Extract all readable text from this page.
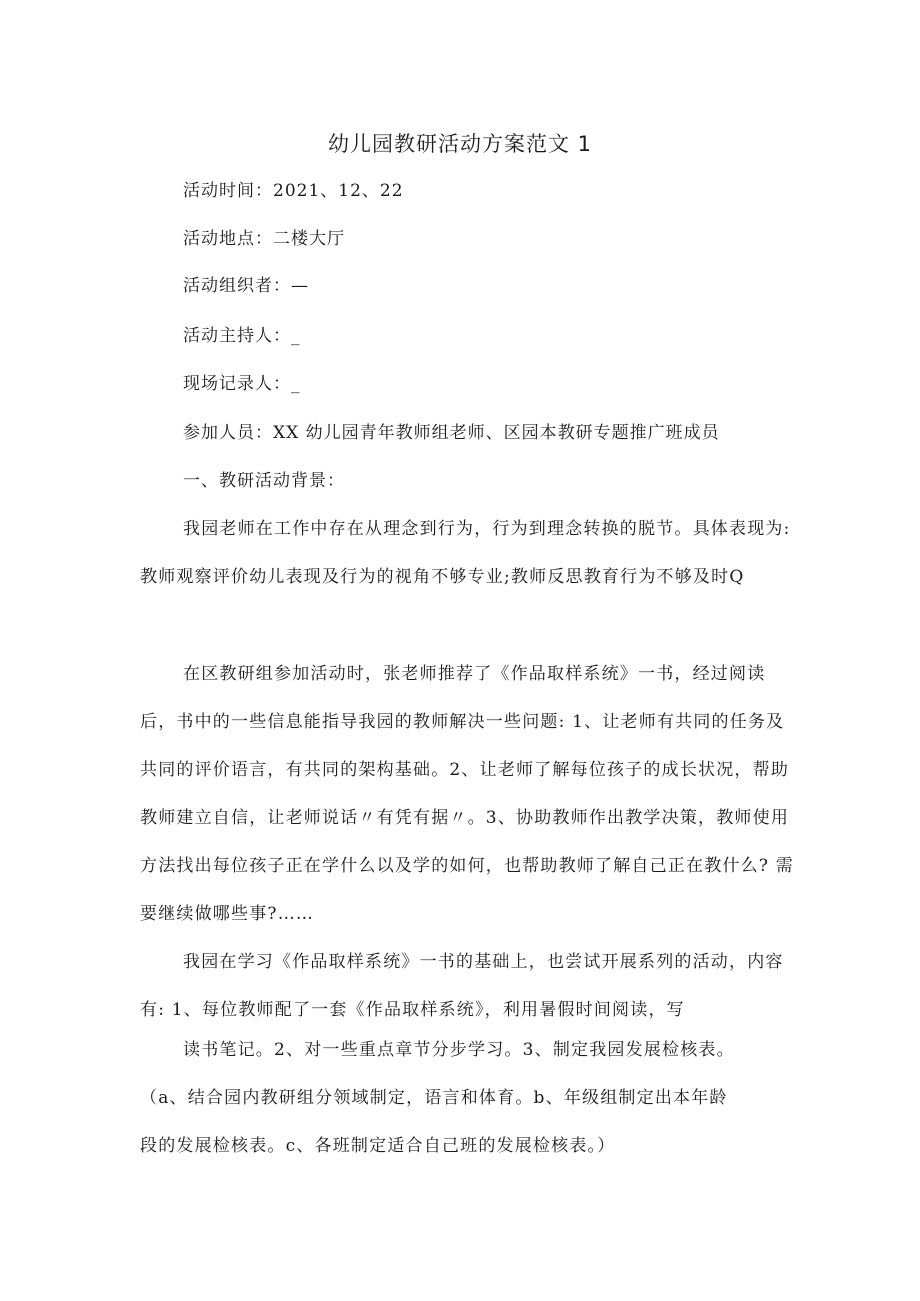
幼儿园教研活动方案范文 1

活动时间：2021、12、22

活动地点：二楼大厅

活动组织者：—

活动主持人：_

现场记录人：_

参加人员：XX 幼儿园青年教师组老师、区园本教研专题推广班成员

一、教研活动背景：

我园老师在工作中存在从理念到行为，行为到理念转换的脱节。具体表现为: 教师观察评价幼儿表现及行为的视角不够专业;教师反思教育行为不够及时Q

在区教研组参加活动时，张老师推荐了《作品取样系统》一书，经过阅读后，书中的一些信息能指导我园的教师解决一些问题: 1、让老师有共同的任务及共同的评价语言，有共同的架构基础。2、让老师了解每位孩子的成长状况，帮助教师建立自信，让老师说话〃有凭有据〃。3、协助教师作出教学决策，教师使用方法找出每位孩子正在学什么以及学的如何，也帮助教师了解自己正在教什么? 需要继续做哪些事?……

我园在学习《作品取样系统》一书的基础上，也尝试开展系列的活动，内容有: 1、每位教师配了一套《作品取样系统》，利用暑假时间阅读，写

读书笔记。2、对一些重点章节分步学习。3、制定我园发展检核表。

（a、结合园内教研组分领域制定，语言和体育。b、年级组制定出本年龄

段的发展检核表。c、各班制定适合自己班的发展检核表。）
